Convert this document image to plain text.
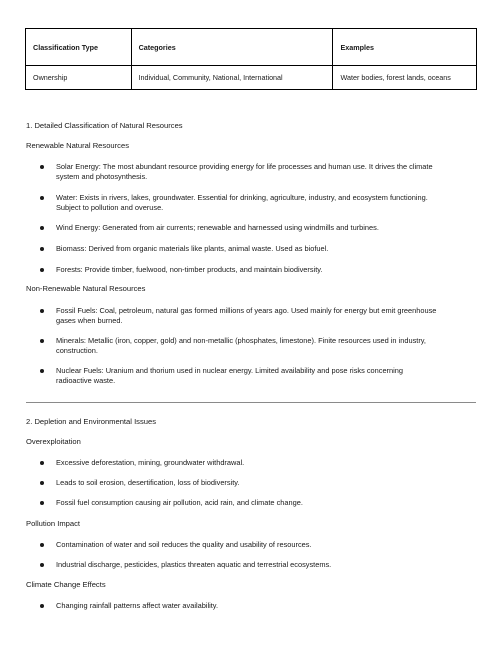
Classification Type	Categories	Examples
Ownership	Individual, Community, National, International	Water bodies, forest lands, oceans
1. Detailed Classification of Natural Resources
Renewable Natural Resources
Solar Energy: The most abundant resource providing energy for life processes and human use. It drives the climate
system and photosynthesis.
Water: Exists in rivers, lakes, groundwater. Essential for drinking, agriculture, industry, and ecosystem functioning.
Subject to pollution and overuse.
Wind Energy: Generated from air currents; renewable and harnessed using windmills and turbines.
Biomass: Derived from organic materials like plants, animal waste. Used as biofuel.
Forests: Provide timber, fuelwood, non-timber products, and maintain biodiversity.
Non-Renewable Natural Resources
Fossil Fuels: Coal, petroleum, natural gas formed millions of years ago. Used mainly for energy but emit greenhouse
gases when burned.
Minerals: Metallic (iron, copper, gold) and non-metallic (phosphates, limestone). Finite resources used in industry,
construction.
Nuclear Fuels: Uranium and thorium used in nuclear energy. Limited availability and pose risks concerning
radioactive waste.
2. Depletion and Environmental Issues
Overexploitation
Excessive deforestation, mining, groundwater withdrawal.
Leads to soil erosion, desertification, loss of biodiversity.
Fossil fuel consumption causing air pollution, acid rain, and climate change.
Pollution Impact
Contamination of water and soil reduces the quality and usability of resources.
Industrial discharge, pesticides, plastics threaten aquatic and terrestrial ecosystems.
Climate Change Effects
Changing rainfall patterns affect water availability.
